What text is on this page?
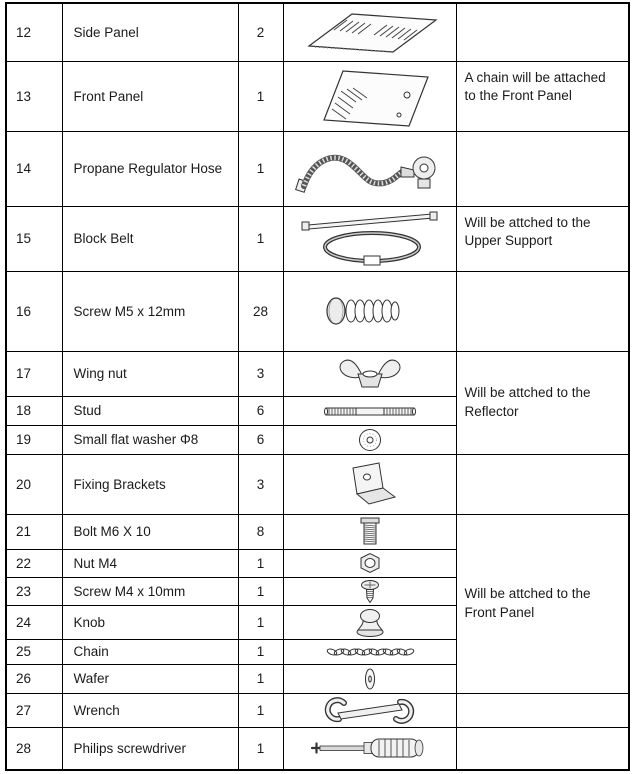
12	Side Panel	2		
13	Front Panel	1		A chain will be attached to the Front Panel
14	Propane Regulator Hose	1		
15	Block Belt	1		Will be attched to the Upper Support
16	Screw M5 x 12mm	28		
17	Wing nut	3		Will be attched to the Reflector
18	Stud	6	
19	Small flat washer Φ8	6	
20	Fixing Brackets	3		
21	Bolt M6 X 10	8		Will be attched to the Front Panel
22	Nut M4	1	
23	Screw M4 x 10mm	1	
24	Knob	1	
25	Chain	1	
26	Wafer	1	
27	Wrench	1		
28	Philips screwdriver	1		
